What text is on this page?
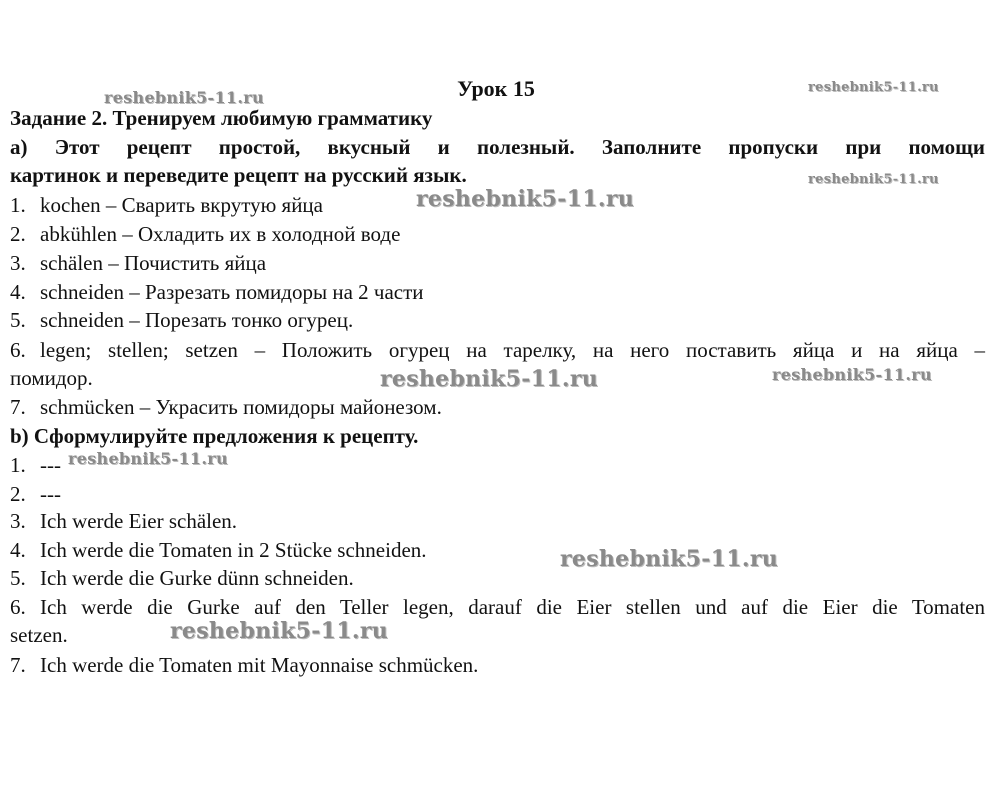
Урок 15
Задание 2. Тренируем любимую грамматику
a) Этот рецепт простой, вкусный и полезный. Заполните пропуски при помощи
картинок и переведите рецепт на русский язык.
1. kochen – Сварить вкрутую яйца
2. abkühlen – Охладить их в холодной воде
3. schälen – Почистить яйца
4. schneiden – Разрезать помидоры на 2 части
5. schneiden – Порезать тонко огурец.
6. legen; stellen; setzen – Положить огурец на тарелку, на него поставить яйца и на яйца –
помидор.
7. schmücken – Украсить помидоры майонезом.
b) Сформулируйте предложения к рецепту.
1. ---
2. ---
3. Ich werde Eier schälen.
4. Ich werde die Tomaten in 2 Stücke schneiden.
5. Ich werde die Gurke dünn schneiden.
6. Ich werde die Gurke auf den Teller legen, darauf die Eier stellen und auf die Eier die Tomaten
setzen.
7. Ich werde die Tomaten mit Mayonnaise schmücken.
reshebnik5-11.ru
reshebnik5-11.ru
reshebnik5-11.ru
reshebnik5-11.ru
reshebnik5-11.ru	reshebnik5-11.ru
reshebnik5-11.ru
reshebnik5-11.ru
reshebnik5-11.ru
